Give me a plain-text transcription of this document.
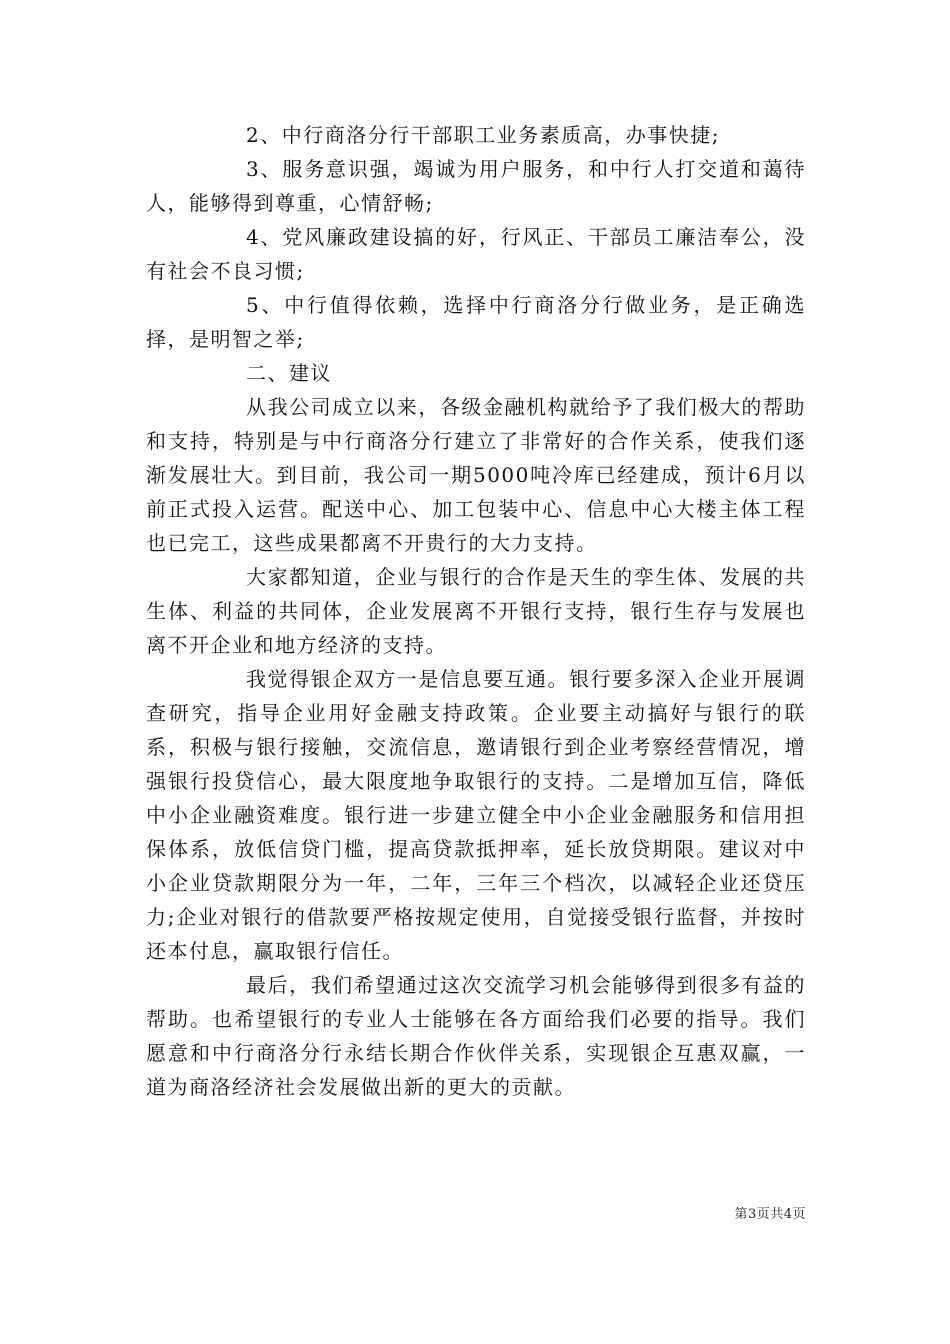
2、中行商洛分行干部职工业务素质高，办事快捷;

3、服务意识强，竭诚为用户服务，和中行人打交道和蔼待人，能够得到尊重，心情舒畅;

4、党风廉政建设搞的好，行风正、干部员工廉洁奉公，没有社会不良习惯;

5、中行值得依赖，选择中行商洛分行做业务，是正确选择，是明智之举;

二、建议

从我公司成立以来，各级金融机构就给予了我们极大的帮助和支持，特别是与中行商洛分行建立了非常好的合作关系，使我们逐渐发展壮大。到目前，我公司一期5000吨冷库已经建成，预计6月以前正式投入运营。配送中心、加工包装中心、信息中心大楼主体工程也已完工，这些成果都离不开贵行的大力支持。

大家都知道，企业与银行的合作是天生的孪生体、发展的共生体、利益的共同体，企业发展离不开银行支持，银行生存与发展也离不开企业和地方经济的支持。

我觉得银企双方一是信息要互通。银行要多深入企业开展调查研究，指导企业用好金融支持政策。企业要主动搞好与银行的联系，积极与银行接触，交流信息，邀请银行到企业考察经营情况，增强银行投贷信心，最大限度地争取银行的支持。二是增加互信，降低中小企业融资难度。银行进一步建立健全中小企业金融服务和信用担保体系，放低信贷门槛，提高贷款抵押率，延长放贷期限。建议对中小企业贷款期限分为一年，二年，三年三个档次，以减轻企业还贷压力;企业对银行的借款要严格按规定使用，自觉接受银行监督，并按时还本付息，赢取银行信任。

最后，我们希望通过这次交流学习机会能够得到很多有益的帮助。也希望银行的专业人士能够在各方面给我们必要的指导。我们愿意和中行商洛分行永结长期合作伙伴关系，实现银企互惠双赢，一道为商洛经济社会发展做出新的更大的贡献。

第3页共4页
